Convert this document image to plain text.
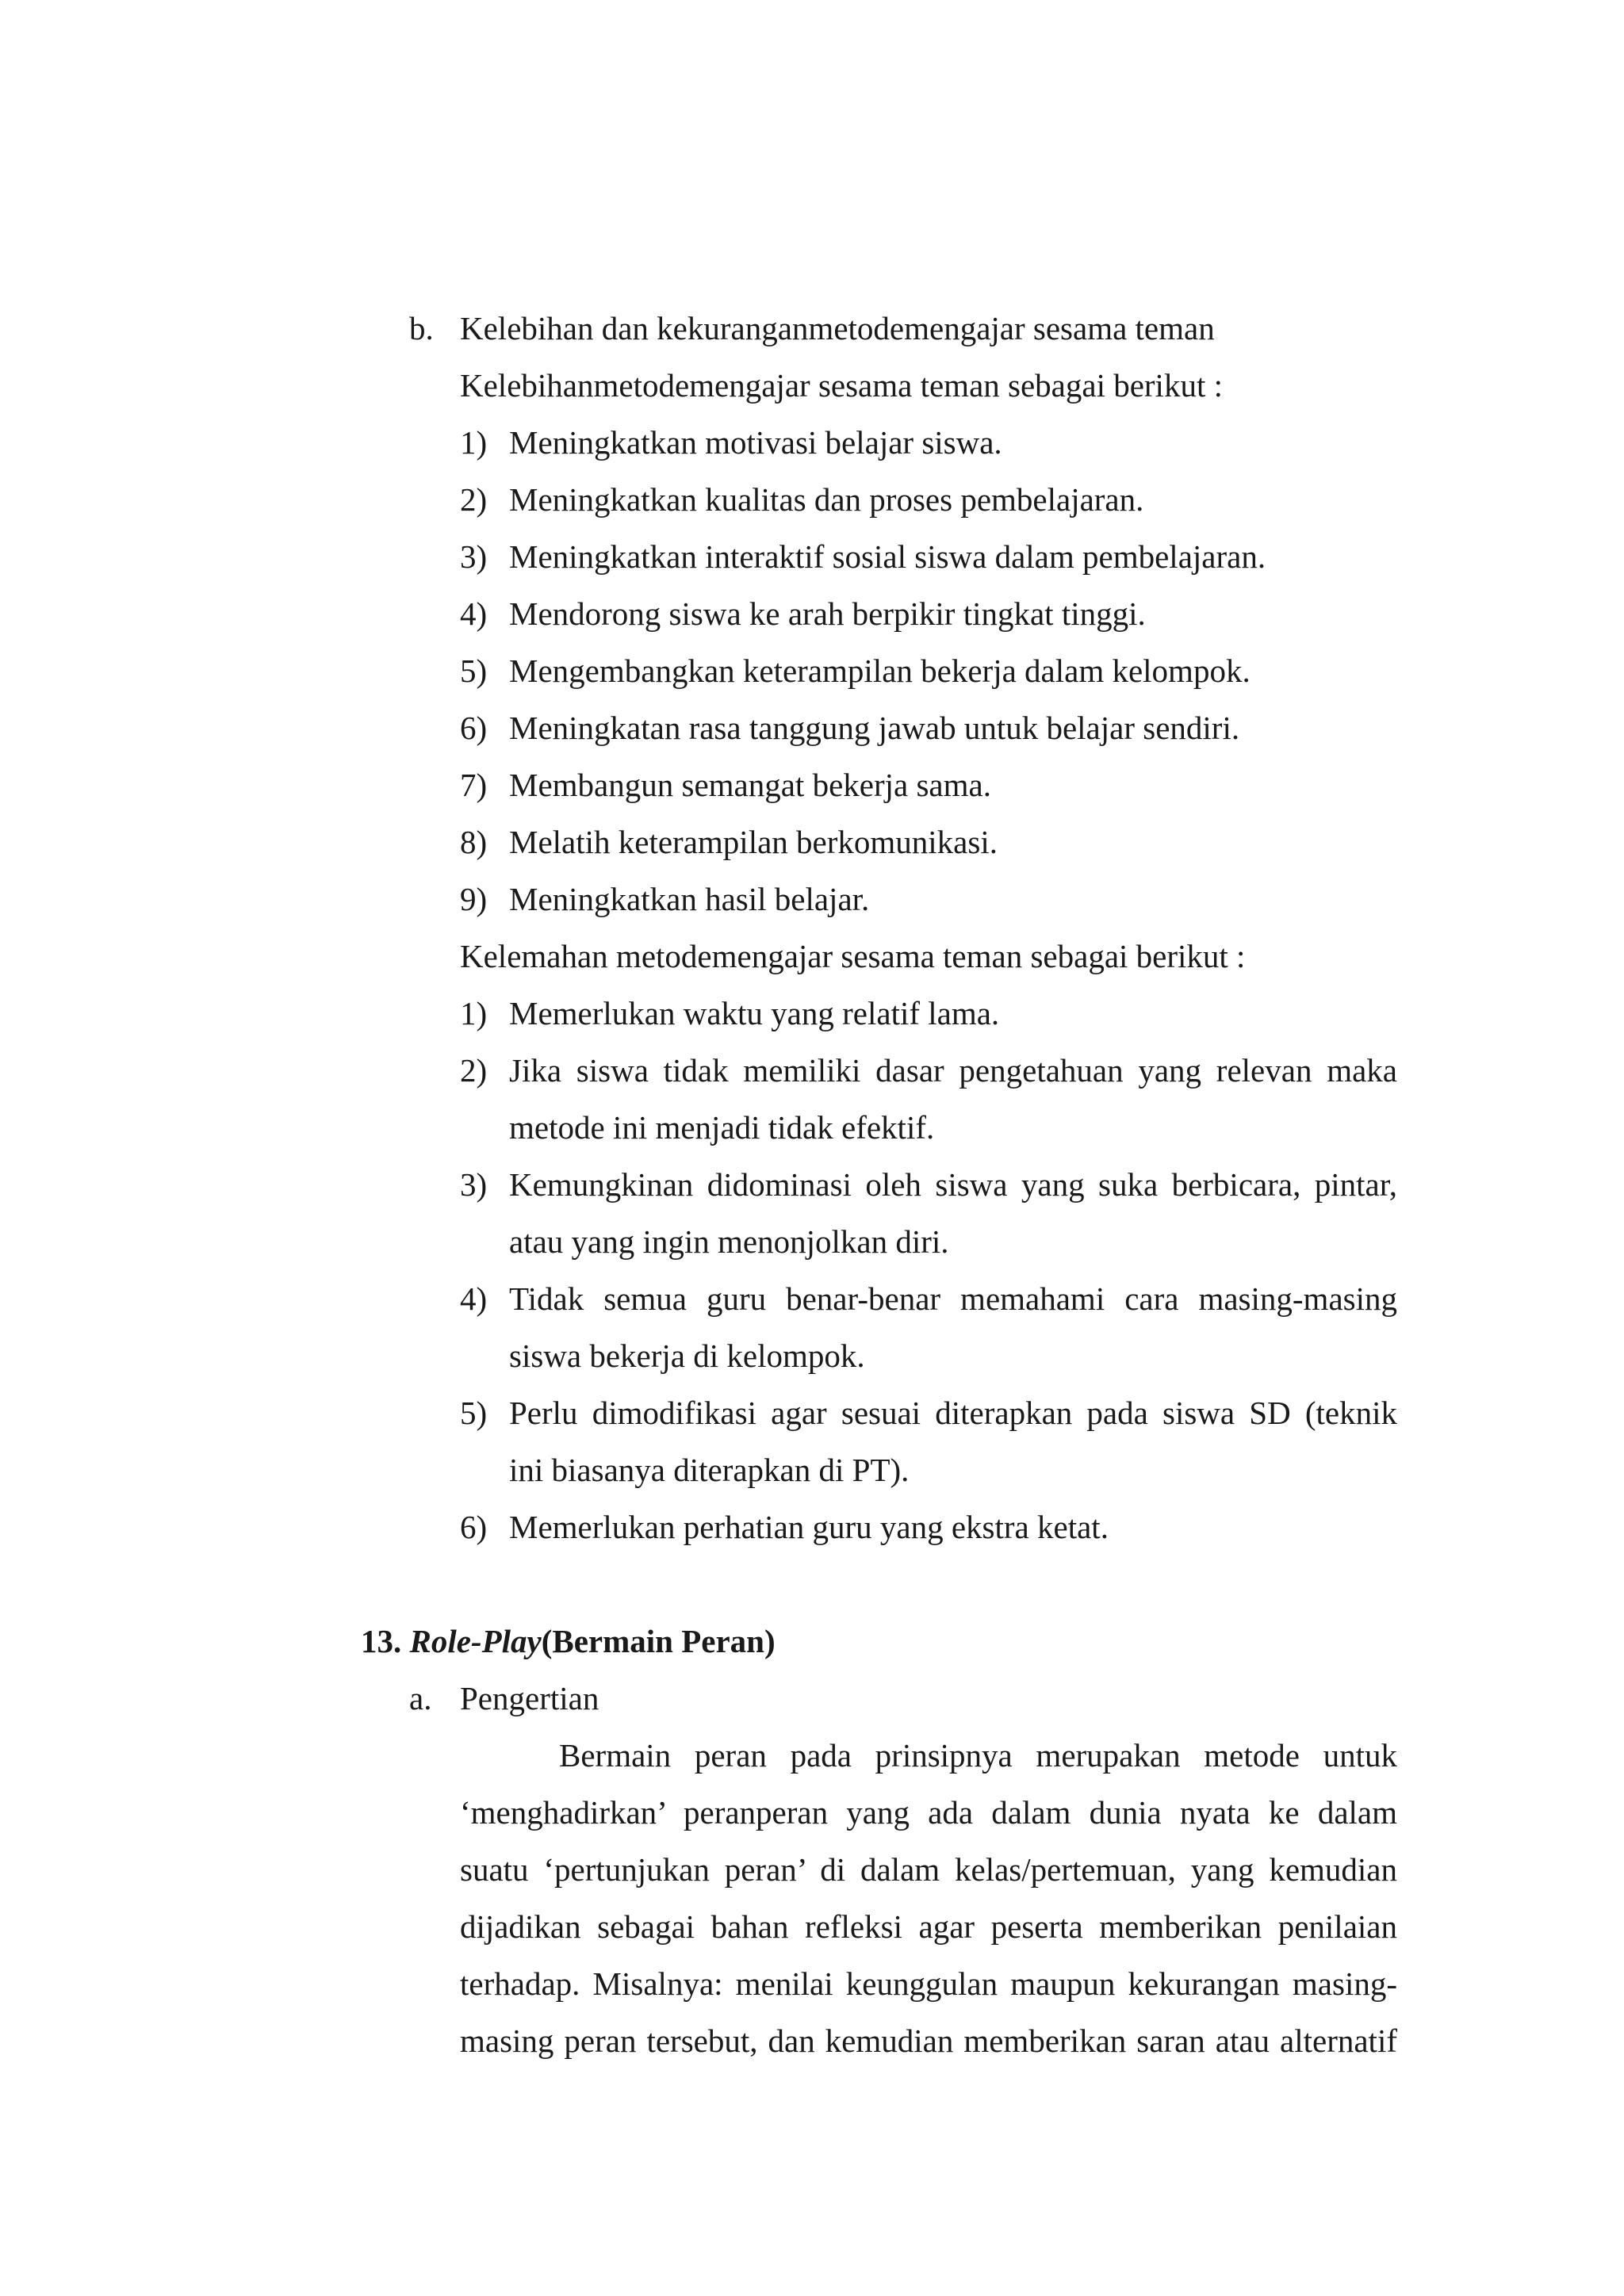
b. Kelebihan dan kekuranganmetodemengajar sesama teman
Kelebihanmetodemengajar sesama teman sebagai berikut :
1) Meningkatkan motivasi belajar siswa.
2) Meningkatkan kualitas dan proses pembelajaran.
3) Meningkatkan interaktif sosial siswa dalam pembelajaran.
4) Mendorong siswa ke arah berpikir tingkat tinggi.
5) Mengembangkan keterampilan bekerja dalam kelompok.
6) Meningkatan rasa tanggung jawab untuk belajar sendiri.
7) Membangun semangat bekerja sama.
8) Melatih keterampilan berkomunikasi.
9) Meningkatkan hasil belajar.
Kelemahan metodemengajar sesama teman sebagai berikut :
1) Memerlukan waktu yang relatif lama.
2) Jika siswa tidak memiliki dasar pengetahuan yang relevan maka
metode ini menjadi tidak efektif.
3) Kemungkinan didominasi oleh siswa yang suka berbicara, pintar,
atau yang ingin menonjolkan diri.
4) Tidak semua guru benar-benar memahami cara masing-masing
siswa bekerja di kelompok.
5) Perlu dimodifikasi agar sesuai diterapkan pada siswa SD (teknik
ini biasanya diterapkan di PT).
6) Memerlukan perhatian guru yang ekstra ketat.
13. Role-Play(Bermain Peran)
a. Pengertian
Bermain peran pada prinsipnya merupakan metode untuk
‘menghadirkan’ peranperan yang ada dalam dunia nyata ke dalam
suatu ‘pertunjukan peran’ di dalam kelas/pertemuan, yang kemudian
dijadikan sebagai bahan refleksi agar peserta memberikan penilaian
terhadap. Misalnya: menilai keunggulan maupun kekurangan masing-
masing peran tersebut, dan kemudian memberikan saran atau alternatif
